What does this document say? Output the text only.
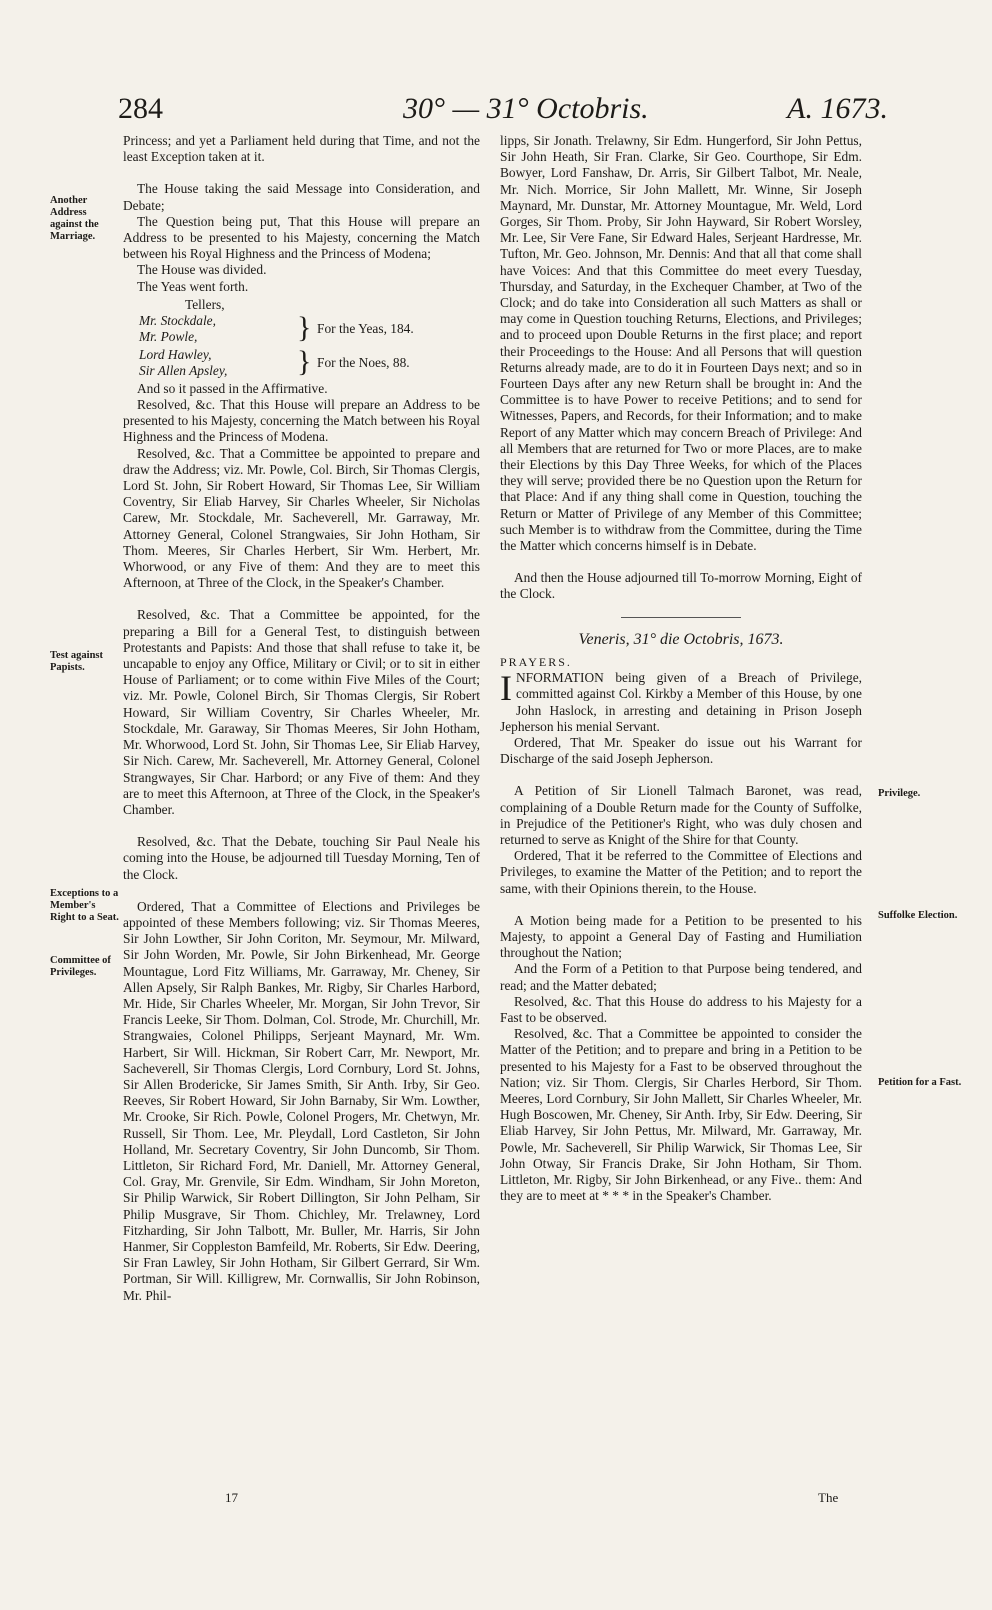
284	30° — 31° Octobris.	A. 1673.
Another Address against the Marriage.
Test against Papists.
Exceptions to a Member's Right to a Seat.
Committee of Privileges.
Privilege.
Suffolke Election.
Petition for a Fast.

Princess; and yet a Parliament held during that Time, and not the least Exception taken at it.

The House taking the said Message into Consideration, and Debate;

The Question being put, That this House will prepare an Address to be presented to his Majesty, concerning the Match between his Royal Highness and the Princess of Modena;

The House was divided.

The Yeas went forth.

Tellers,

Mr. Stockdale,
Mr. Powle,	} For the Yeas, 184.
Lord Hawley,
Sir Allen Apsley,	} For the Noes, 88.

And so it passed in the Affirmative.

Resolved, &c. That this House will prepare an Address to be presented to his Majesty, concerning the Match between his Royal Highness and the Princess of Modena.

Resolved, &c. That a Committee be appointed to prepare and draw the Address; viz. Mr. Powle, Col. Birch, Sir Thomas Clergis, Lord St. John, Sir Robert Howard, Sir Thomas Lee, Sir William Coventry, Sir Eliab Harvey, Sir Charles Wheeler, Sir Nicholas Carew, Mr. Stockdale, Mr. Sacheverell, Mr. Garraway, Mr. Attorney General, Colonel Strangwaies, Sir John Hotham, Sir Thom. Meeres, Sir Charles Herbert, Sir Wm. Herbert, Mr. Whorwood, or any Five of them: And they are to meet this Afternoon, at Three of the Clock, in the Speaker's Chamber.

Resolved, &c. That a Committee be appointed, for the preparing a Bill for a General Test, to distinguish between Protestants and Papists: And those that shall refuse to take it, be uncapable to enjoy any Office, Military or Civil; or to sit in either House of Parliament; or to come within Five Miles of the Court; viz. Mr. Powle, Colonel Birch, Sir Thomas Clergis, Sir Robert Howard, Sir William Coventry, Sir Charles Wheeler, Mr. Stockdale, Mr. Garaway, Sir Thomas Meeres, Sir John Hotham, Mr. Whorwood, Lord St. John, Sir Thomas Lee, Sir Eliab Harvey, Sir Nich. Carew, Mr. Sacheverell, Mr. Attorney General, Colonel Strangwayes, Sir Char. Harbord; or any Five of them: And they are to meet this Afternoon, at Three of the Clock, in the Speaker's Chamber.

Resolved, &c. That the Debate, touching Sir Paul Neale his coming into the House, be adjourned till Tuesday Morning, Ten of the Clock.

Ordered, That a Committee of Elections and Privileges be appointed of these Members following; viz. Sir Thomas Meeres, Sir John Lowther, Sir John Coriton, Mr. Seymour, Mr. Milward, Sir John Worden, Mr. Powle, Sir John Birkenhead, Mr. George Mountague, Lord Fitz Williams, Mr. Garraway, Mr. Cheney, Sir Allen Apsely, Sir Ralph Bankes, Mr. Rigby, Sir Charles Harbord, Mr. Hide, Sir Charles Wheeler, Mr. Morgan, Sir John Trevor, Sir Francis Leeke, Sir Thom. Dolman, Col. Strode, Mr. Churchill, Mr. Strangwaies, Colonel Philipps, Serjeant Maynard, Mr. Wm. Harbert, Sir Will. Hickman, Sir Robert Carr, Mr. Newport, Mr. Sacheverell, Sir Thomas Clergis, Lord Cornbury, Lord St. Johns, Sir Allen Brodericke, Sir James Smith, Sir Anth. Irby, Sir Geo. Reeves, Sir Robert Howard, Sir John Barnaby, Sir Wm. Lowther, Mr. Crooke, Sir Rich. Powle, Colonel Progers, Mr. Chetwyn, Mr. Russell, Sir Thom. Lee, Mr. Pleydall, Lord Castleton, Sir John Holland, Mr. Secretary Coventry, Sir John Duncomb, Sir Thom. Littleton, Sir Richard Ford, Mr. Daniell, Mr. Attorney General, Col. Gray, Mr. Grenvile, Sir Edm. Windham, Sir John Moreton, Sir Philip Warwick, Sir Robert Dillington, Sir John Pelham, Sir Philip Musgrave, Sir Thom. Chichley, Mr. Trelawney, Lord Fitzharding, Sir John Talbott, Mr. Buller, Mr. Harris, Sir John Hanmer, Sir Coppleston Bamfeild, Mr. Roberts, Sir Edw. Deering, Sir Fran Lawley, Sir John Hotham, Sir Gilbert Gerrard, Sir Wm. Portman, Sir Will. Killigrew, Mr. Cornwallis, Sir John Robinson, Mr. Phil-

lipps, Sir Jonath. Trelawny, Sir Edm. Hungerford, Sir John Pettus, Sir John Heath, Sir Fran. Clarke, Sir Geo. Courthope, Sir Edm. Bowyer, Lord Fanshaw, Dr. Arris, Sir Gilbert Talbot, Mr. Neale, Mr. Nich. Morrice, Sir John Mallett, Mr. Winne, Sir Joseph Maynard, Mr. Dunstar, Mr. Attorney Mountague, Mr. Weld, Lord Gorges, Sir Thom. Proby, Sir John Hayward, Sir Robert Worsley, Mr. Lee, Sir Vere Fane, Sir Edward Hales, Serjeant Hardresse, Mr. Tufton, Mr. Geo. Johnson, Mr. Dennis: And that all that come shall have Voices: And that this Committee do meet every Tuesday, Thursday, and Saturday, in the Exchequer Chamber, at Two of the Clock; and do take into Consideration all such Matters as shall or may come in Question touching Returns, Elections, and Privileges; and to proceed upon Double Returns in the first place; and report their Proceedings to the House: And all Persons that will question Returns already made, are to do it in Fourteen Days next; and so in Fourteen Days after any new Return shall be brought in: And the Committee is to have Power to receive Petitions; and to send for Witnesses, Papers, and Records, for their Information; and to make Report of any Matter which may concern Breach of Privilege: And all Members that are returned for Two or more Places, are to make their Elections by this Day Three Weeks, for which of the Places they will serve; provided there be no Question upon the Return for that Place: And if any thing shall come in Question, touching the Return or Matter of Privilege of any Member of this Committee; such Member is to withdraw from the Committee, during the Time the Matter which concerns himself is in Debate.

And then the House adjourned till To-morrow Morning, Eight of the Clock.

Veneris, 31° die Octobris, 1673.
PRAYERS.

INFORMATION being given of a Breach of Privilege, committed against Col. Kirkby a Member of this House, by one John Haslock, in arresting and detaining in Prison Joseph Jepherson his menial Servant.

Ordered, That Mr. Speaker do issue out his Warrant for Discharge of the said Joseph Jepherson.

A Petition of Sir Lionell Talmach Baronet, was read, complaining of a Double Return made for the County of Suffolke, in Prejudice of the Petitioner's Right, who was duly chosen and returned to serve as Knight of the Shire for that County.

Ordered, That it be referred to the Committee of Elections and Privileges, to examine the Matter of the Petition; and to report the same, with their Opinions therein, to the House.

A Motion being made for a Petition to be presented to his Majesty, to appoint a General Day of Fasting and Humiliation throughout the Nation;

And the Form of a Petition to that Purpose being tendered, and read; and the Matter debated;

Resolved, &c. That this House do address to his Majesty for a Fast to be observed.

Resolved, &c. That a Committee be appointed to consider the Matter of the Petition; and to prepare and bring in a Petition to be presented to his Majesty for a Fast to be observed throughout the Nation; viz. Sir Thom. Clergis, Sir Charles Herbord, Sir Thom. Meeres, Lord Cornbury, Sir John Mallett, Sir Charles Wheeler, Mr. Hugh Boscowen, Mr. Cheney, Sir Anth. Irby, Sir Edw. Deering, Sir Eliab Harvey, Sir John Pettus, Mr. Milward, Mr. Garraway, Mr. Powle, Mr. Sacheverell, Sir Philip Warwick, Sir Thomas Lee, Sir John Otway, Sir Francis Drake, Sir John Hotham, Sir Thom. Littleton, Mr. Rigby, Sir John Birkenhead, or any Five.. them: And they are to meet at * * * in the Speaker's Chamber.

17	The
